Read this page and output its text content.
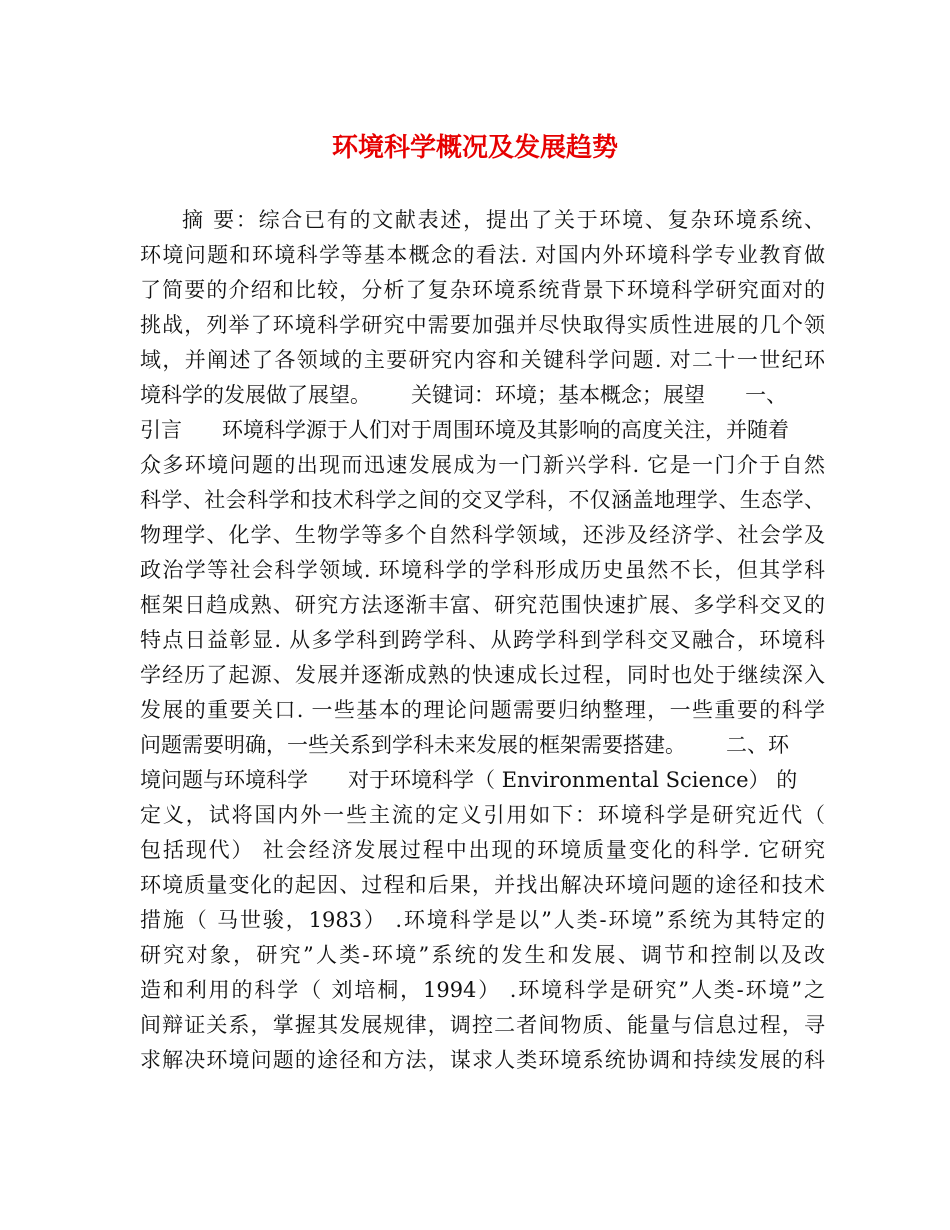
环境科学概况及发展趋势
摘 要：综合已有的文献表述，提出了关于环境、复杂环境系统、
环境问题和环境科学等基本概念的看法. 对国内外环境科学专业教育做
了简要的介绍和比较，分析了复杂环境系统背景下环境科学研究面对的
挑战，列举了环境科学研究中需要加强并尽快取得实质性进展的几个领
域，并阐述了各领域的主要研究内容和关键科学问题. 对二十一世纪环
境科学的发展做了展望。      关键词：环境；基本概念；展望      一、
引言      环境科学源于人们对于周围环境及其影响的高度关注，并随着
众多环境问题的出现而迅速发展成为一门新兴学科. 它是一门介于自然
科学、社会科学和技术科学之间的交叉学科，不仅涵盖地理学、生态学、
物理学、化学、生物学等多个自然科学领域，还涉及经济学、社会学及
政治学等社会科学领域. 环境科学的学科形成历史虽然不长，但其学科
框架日趋成熟、研究方法逐渐丰富、研究范围快速扩展、多学科交叉的
特点日益彰显. 从多学科到跨学科、从跨学科到学科交叉融合，环境科
学经历了起源、发展并逐渐成熟的快速成长过程，同时也处于继续深入
发展的重要关口. 一些基本的理论问题需要归纳整理，一些重要的科学
问题需要明确，一些关系到学科未来发展的框架需要搭建。      二、环
境问题与环境科学      对于环境科学（ Environmental Science） 的
定义，试将国内外一些主流的定义引用如下：环境科学是研究近代（
包括现代） 社会经济发展过程中出现的环境质量变化的科学. 它研究
环境质量变化的起因、过程和后果，并找出解决环境问题的途径和技术
措施（ 马世骏，1983） .环境科学是以”人类-环境”系统为其特定的
研究对象，研究”人类-环境”系统的发生和发展、调节和控制以及改
造和利用的科学（ 刘培桐，1994） .环境科学是研究”人类-环境”之
间辩证关系，掌握其发展规律，调控二者间物质、能量与信息过程，寻
求解决环境问题的途径和方法，谋求人类环境系统协调和持续发展的科
